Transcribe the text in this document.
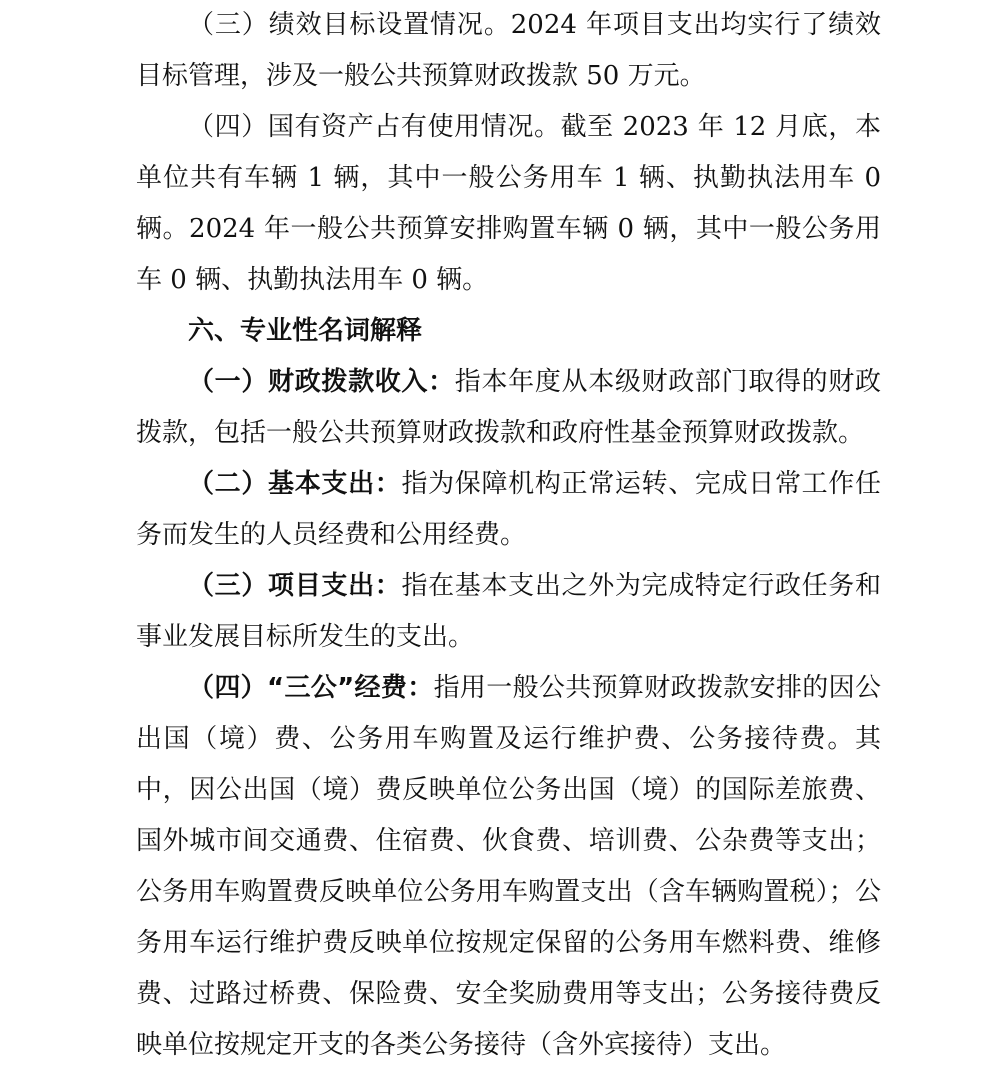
（三）绩效目标设置情况。2024 年项目支出均实行了绩效目标管理，涉及一般公共预算财政拨款 50 万元。

（四）国有资产占有使用情况。截至 2023 年 12 月底，本单位共有车辆 1 辆，其中一般公务用车 1 辆、执勤执法用车 0 辆。2024 年一般公共预算安排购置车辆 0 辆，其中一般公务用车 0 辆、执勤执法用车 0 辆。

六、专业性名词解释

（一）财政拨款收入：指本年度从本级财政部门取得的财政拨款，包括一般公共预算财政拨款和政府性基金预算财政拨款。

（二）基本支出：指为保障机构正常运转、完成日常工作任务而发生的人员经费和公用经费。

（三）项目支出：指在基本支出之外为完成特定行政任务和事业发展目标所发生的支出。

（四）“三公”经费：指用一般公共预算财政拨款安排的因公出国（境）费、公务用车购置及运行维护费、公务接待费。其中，因公出国（境）费反映单位公务出国（境）的国际差旅费、国外城市间交通费、住宿费、伙食费、培训费、公杂费等支出；公务用车购置费反映单位公务用车购置支出（含车辆购置税）；公务用车运行维护费反映单位按规定保留的公务用车燃料费、维修费、过路过桥费、保险费、安全奖励费用等支出；公务接待费反映单位按规定开支的各类公务接待（含外宾接待）支出。
